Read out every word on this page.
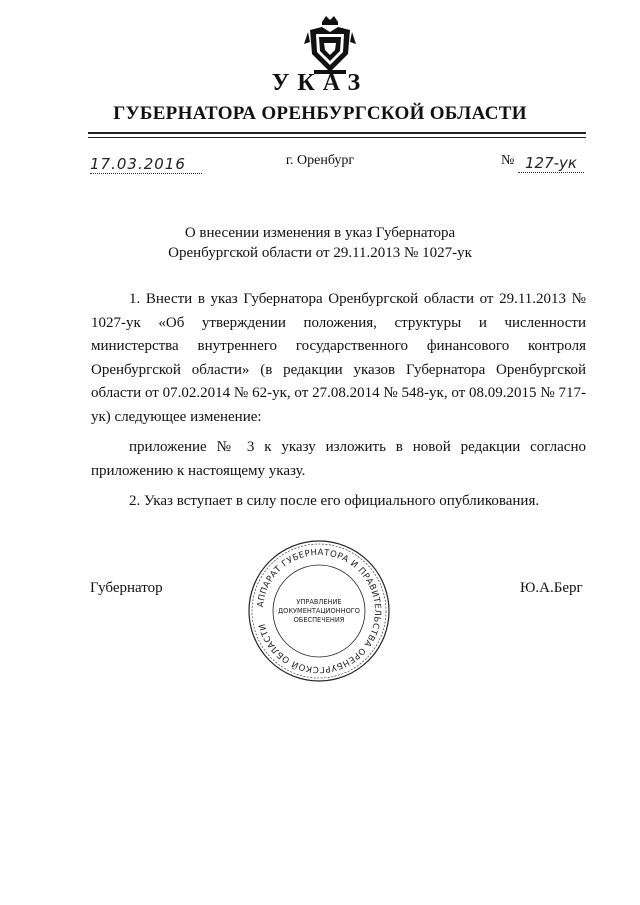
УКАЗ
ГУБЕРНАТОРА ОРЕНБУРГСКОЙ ОБЛАСТИ
17.03.2016	г. Оренбург	№ 127-ук
О внесении изменения в указ Губернатора
Оренбургской области от 29.11.2013 № 1027-ук

1. Внести в указ Губернатора Оренбургской области от 29.11.2013 № 1027-ук «Об утверждении положения, структуры и численности министерства внутреннего государственного финансового контроля Оренбургской области» (в редакции указов Губернатора Оренбургской области от 07.02.2014 № 62-ук, от 27.08.2014 № 548-ук, от 08.09.2015 № 717-ук) следующее изменение:

приложение № 3 к указу изложить в новой редакции согласно приложению к настоящему указу.

2. Указ вступает в силу после его официального опубликования.

Губернатор	Ю.А.Берг
АППАРАТ ГУБЕРНАТОРА И ПРАВИТЕЛЬСТВА ОРЕНБУРГСКОЙ ОБЛАСТИ
УПРАВЛЕНИЕ
ДОКУМЕНТАЦИОННОГО
ОБЕСПЕЧЕНИЯ
